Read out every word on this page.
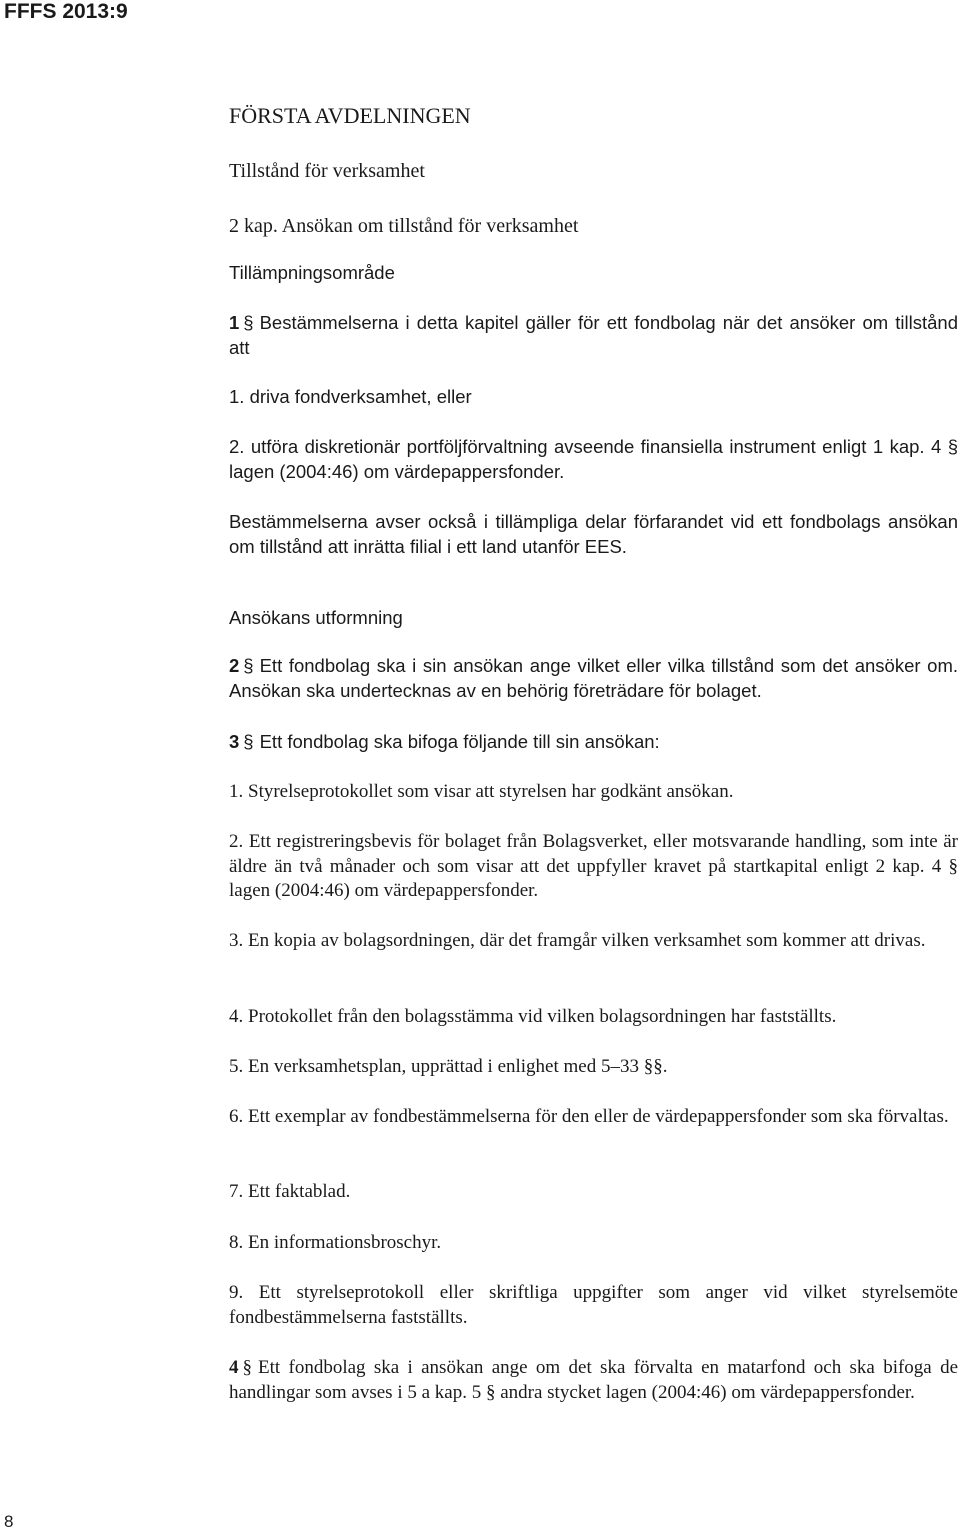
FFFS 2013:9
FÖRSTA AVDELNINGEN
Tillstånd för verksamhet
2 kap. Ansökan om tillstånd för verksamhet
Tillämpningsområde

1 § Bestämmelserna i detta kapitel gäller för ett fondbolag när det ansöker om tillstånd att

1. driva fondverksamhet, eller

2. utföra diskretionär portföljförvaltning avseende finansiella instrument enligt 1 kap. 4 § lagen (2004:46) om värdepappersfonder.

Bestämmelserna avser också i tillämpliga delar förfarandet vid ett fondbolags ansökan om tillstånd att inrätta filial i ett land utanför EES.

Ansökans utformning

2 § Ett fondbolag ska i sin ansökan ange vilket eller vilka tillstånd som det ansöker om. Ansökan ska undertecknas av en behörig företrädare för bolaget.

3 § Ett fondbolag ska bifoga följande till sin ansökan:

1. Styrelseprotokollet som visar att styrelsen har godkänt ansökan.

2. Ett registreringsbevis för bolaget från Bolagsverket, eller motsvarande handling, som inte är äldre än två månader och som visar att det uppfyller kravet på startkapital enligt 2 kap. 4 § lagen (2004:46) om värdepappersfonder.

3. En kopia av bolagsordningen, där det framgår vilken verksamhet som kommer att drivas.

4. Protokollet från den bolagsstämma vid vilken bolagsordningen har fastställts.

5. En verksamhetsplan, upprättad i enlighet med 5–33 §§.

6. Ett exemplar av fondbestämmelserna för den eller de värdepappersfonder som ska förvaltas.

7. Ett faktablad.

8. En informationsbroschyr.

9. Ett styrelseprotokoll eller skriftliga uppgifter som anger vid vilket styrelsemöte fondbestämmelserna fastställts.

4 § Ett fondbolag ska i ansökan ange om det ska förvalta en matarfond och ska bifoga de handlingar som avses i 5 a kap. 5 § andra stycket lagen (2004:46) om värdepappersfonder.

8
